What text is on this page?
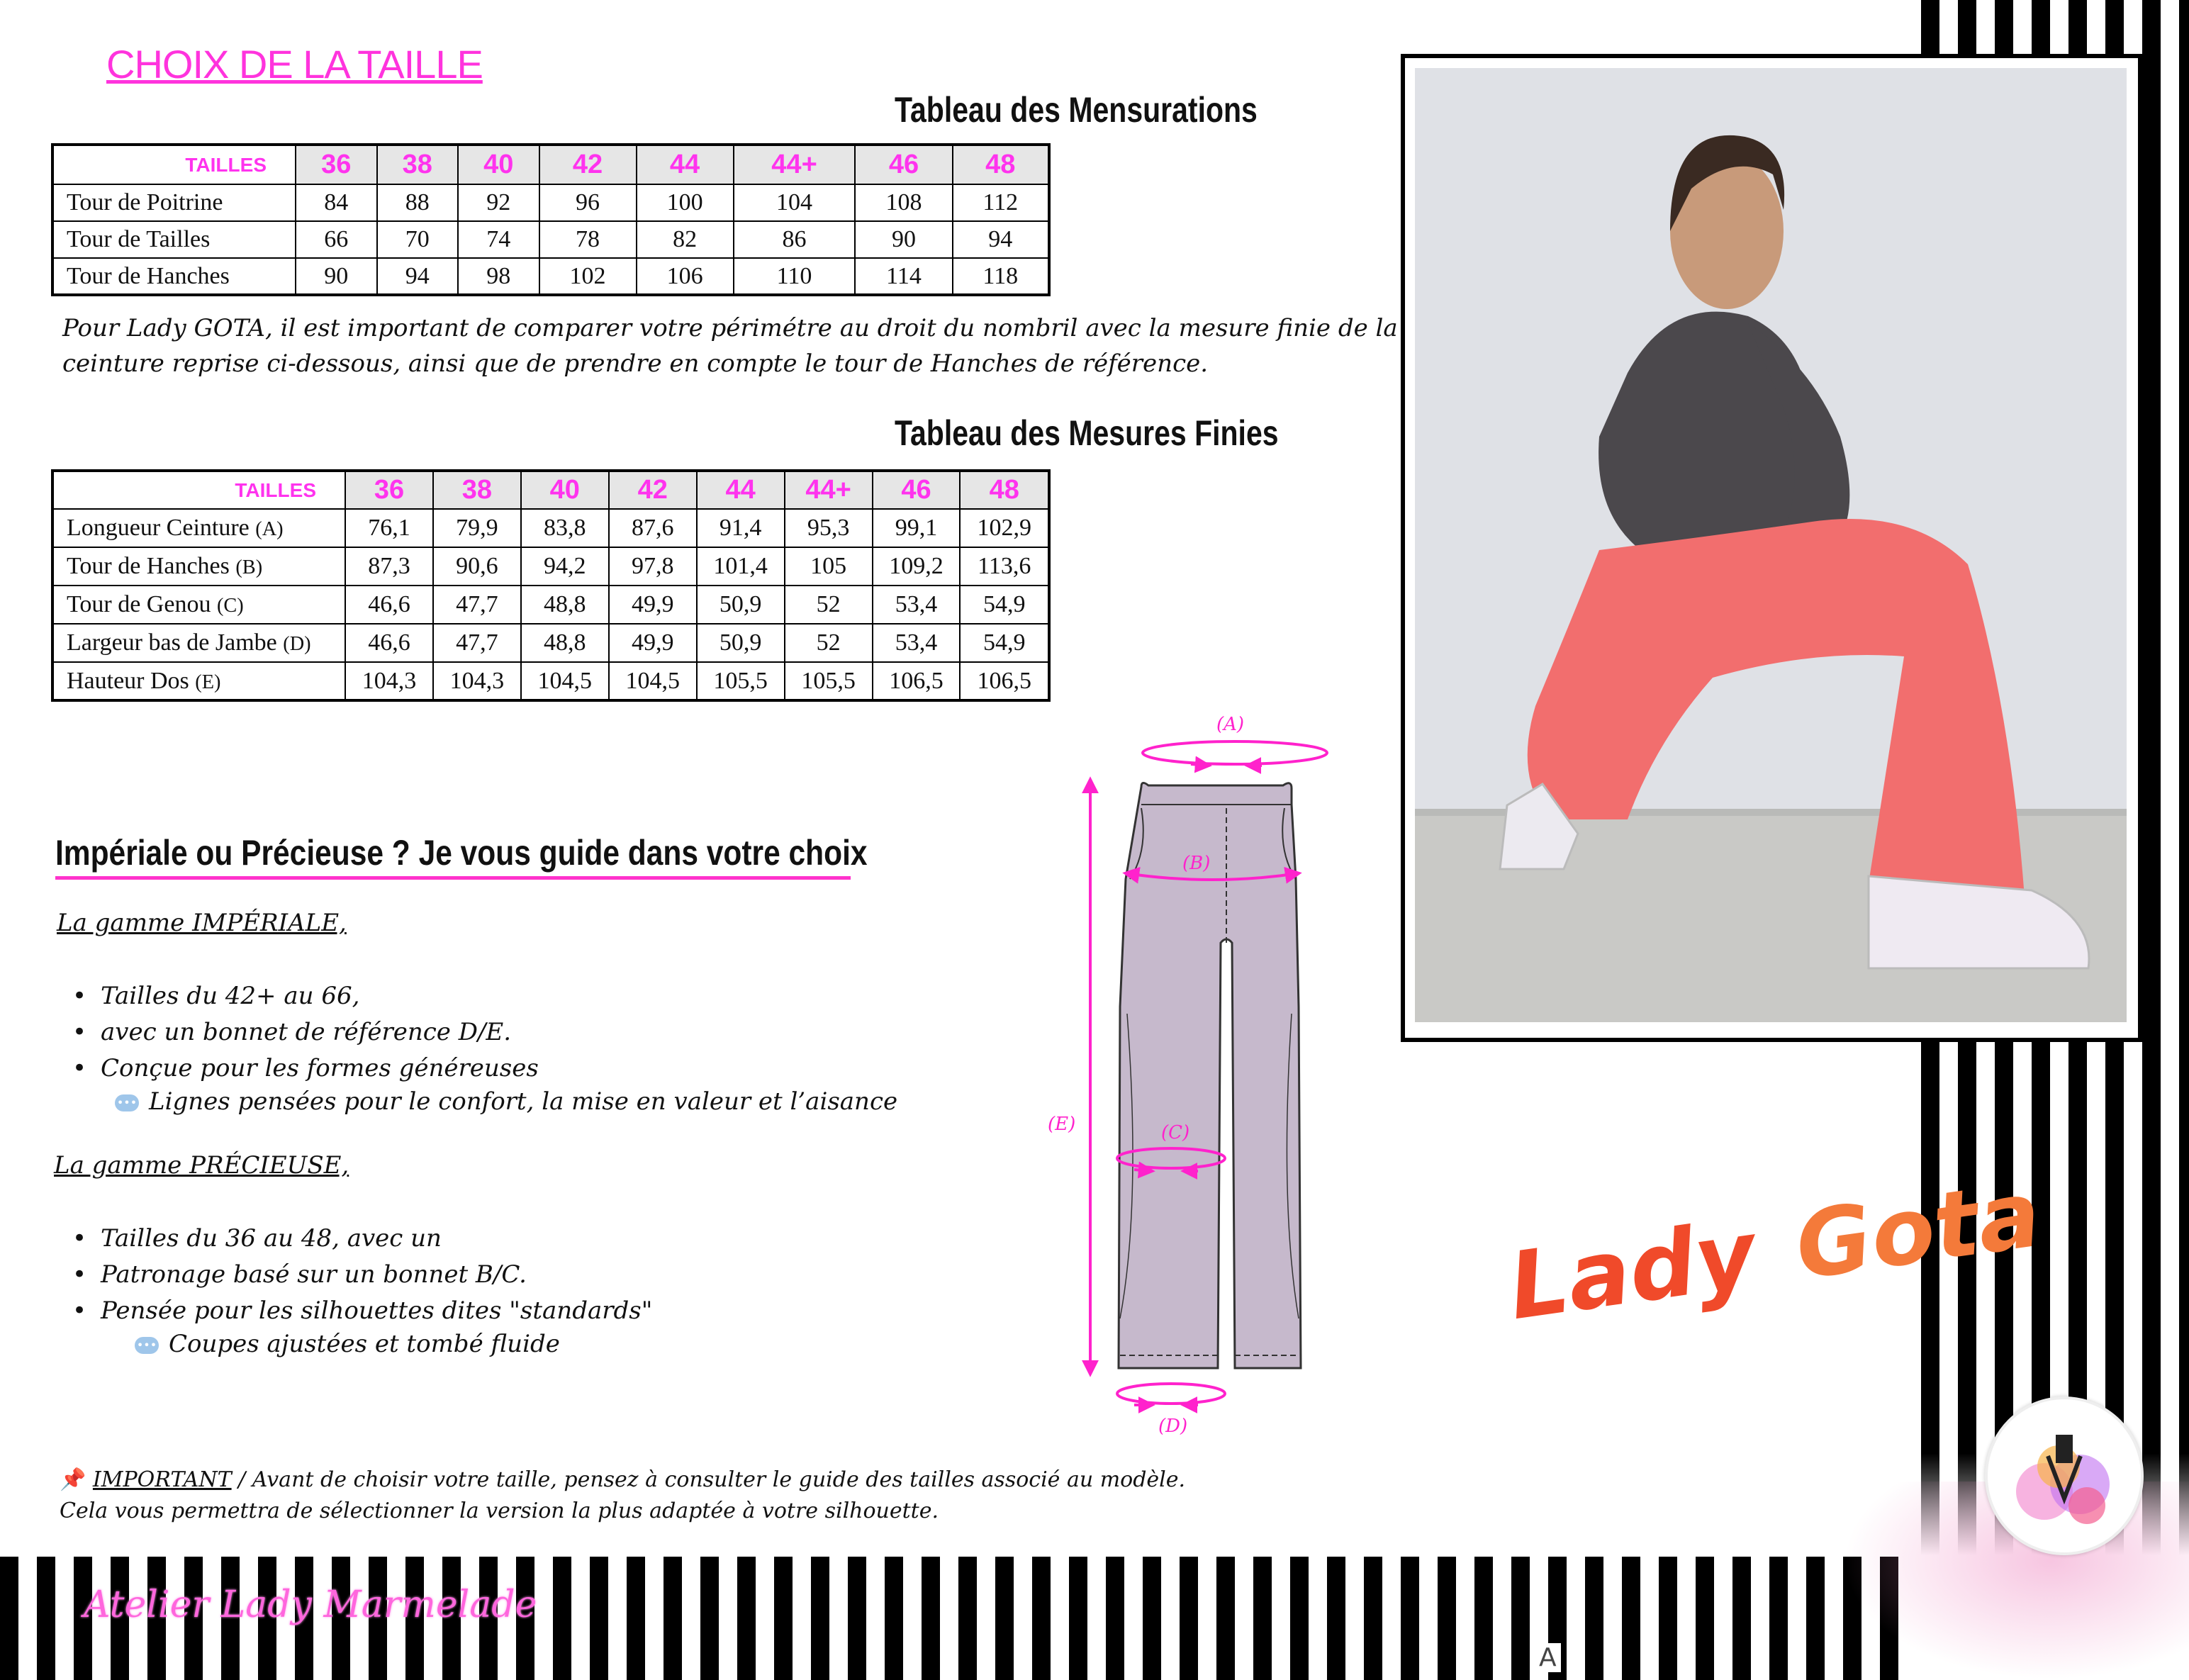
CHOIX DE LA TAILLE
Tableau des Mensurations
TAILLES	36	38	40	42	44	44+	46	48
Tour de Poitrine	84	88	92	96	100	104	108	112
Tour de Tailles	66	70	74	78	82	86	90	94
Tour de Hanches	90	94	98	102	106	110	114	118
Pour Lady GOTA, il est important de comparer votre périmétre au droit du nombril avec la mesure finie de la ceinture reprise ci-dessous, ainsi que de prendre en compte le tour de Hanches de référence.
Tableau des Mesures Finies
TAILLES	36	38	40	42	44	44+	46	48
Longueur Ceinture (A)	76,1	79,9	83,8	87,6	91,4	95,3	99,1	102,9
Tour de Hanches (B)	87,3	90,6	94,2	97,8	101,4	105	109,2	113,6
Tour de Genou (C)	46,6	47,7	48,8	49,9	50,9	52	53,4	54,9
Largeur bas de Jambe (D)	46,6	47,7	48,8	49,9	50,9	52	53,4	54,9
Hauteur Dos (E)	104,3	104,3	104,5	104,5	105,5	105,5	106,5	106,5
Impériale ou Précieuse ? Je vous guide dans votre choix
La gamme IMPÉRIALE,
• Tailles du 42+ au 66,
• avec un bonnet de référence D/E.
• Conçue pour les formes généreuses
••• Lignes pensées pour le confort, la mise en valeur et l’aisance
La gamme PRÉCIEUSE,
• Tailles du 36 au 48, avec un
• Patronage basé sur un bonnet B/C.
• Pensée pour les silhouettes dites "standards"
••• Coupes ajustées et tombé fluide
(A)
(B)
(C)
(D)
(E)
Lady Gota
📌 IMPORTANT / Avant de choisir votre taille, pensez à consulter le guide des tailles associé au modèle.
Cela vous permettra de sélectionner la version la plus adaptée à votre silhouette.
Atelier Lady Marmelade
A
